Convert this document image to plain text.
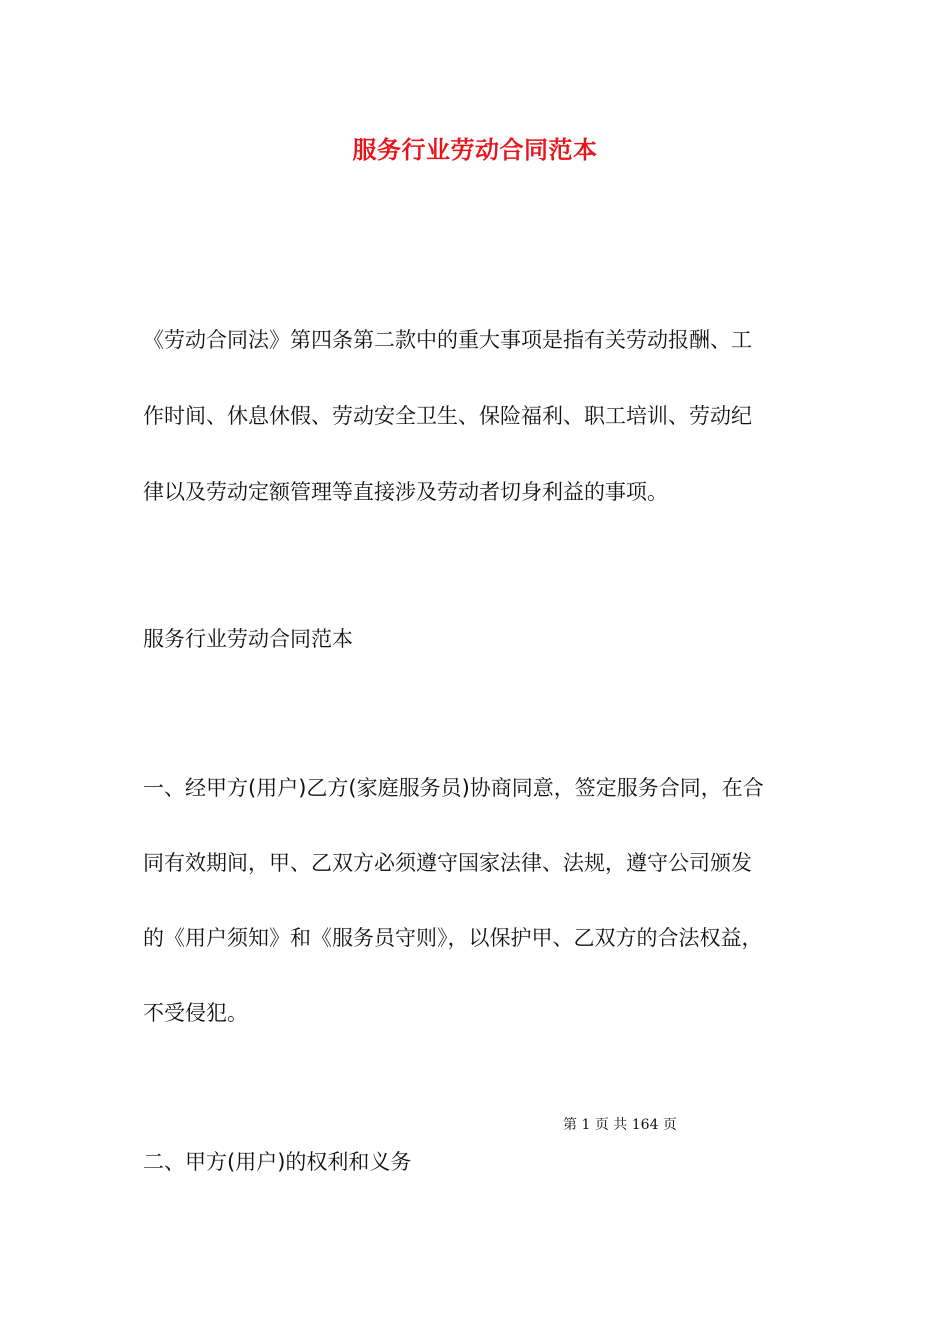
服务行业劳动合同范本
《劳动合同法》第四条第二款中的重大事项是指有关劳动报酬、工
作时间、休息休假、劳动安全卫生、保险福利、职工培训、劳动纪
律以及劳动定额管理等直接涉及劳动者切身利益的事项。
服务行业劳动合同范本
一、经甲方(用户)乙方(家庭服务员)协商同意，签定服务合同，在合
同有效期间，甲、乙双方必须遵守国家法律、法规，遵守公司颁发
的《用户须知》和《服务员守则》，以保护甲、乙双方的合法权益，
不受侵犯。
第 1 页 共 164 页
二、甲方(用户)的权利和义务
